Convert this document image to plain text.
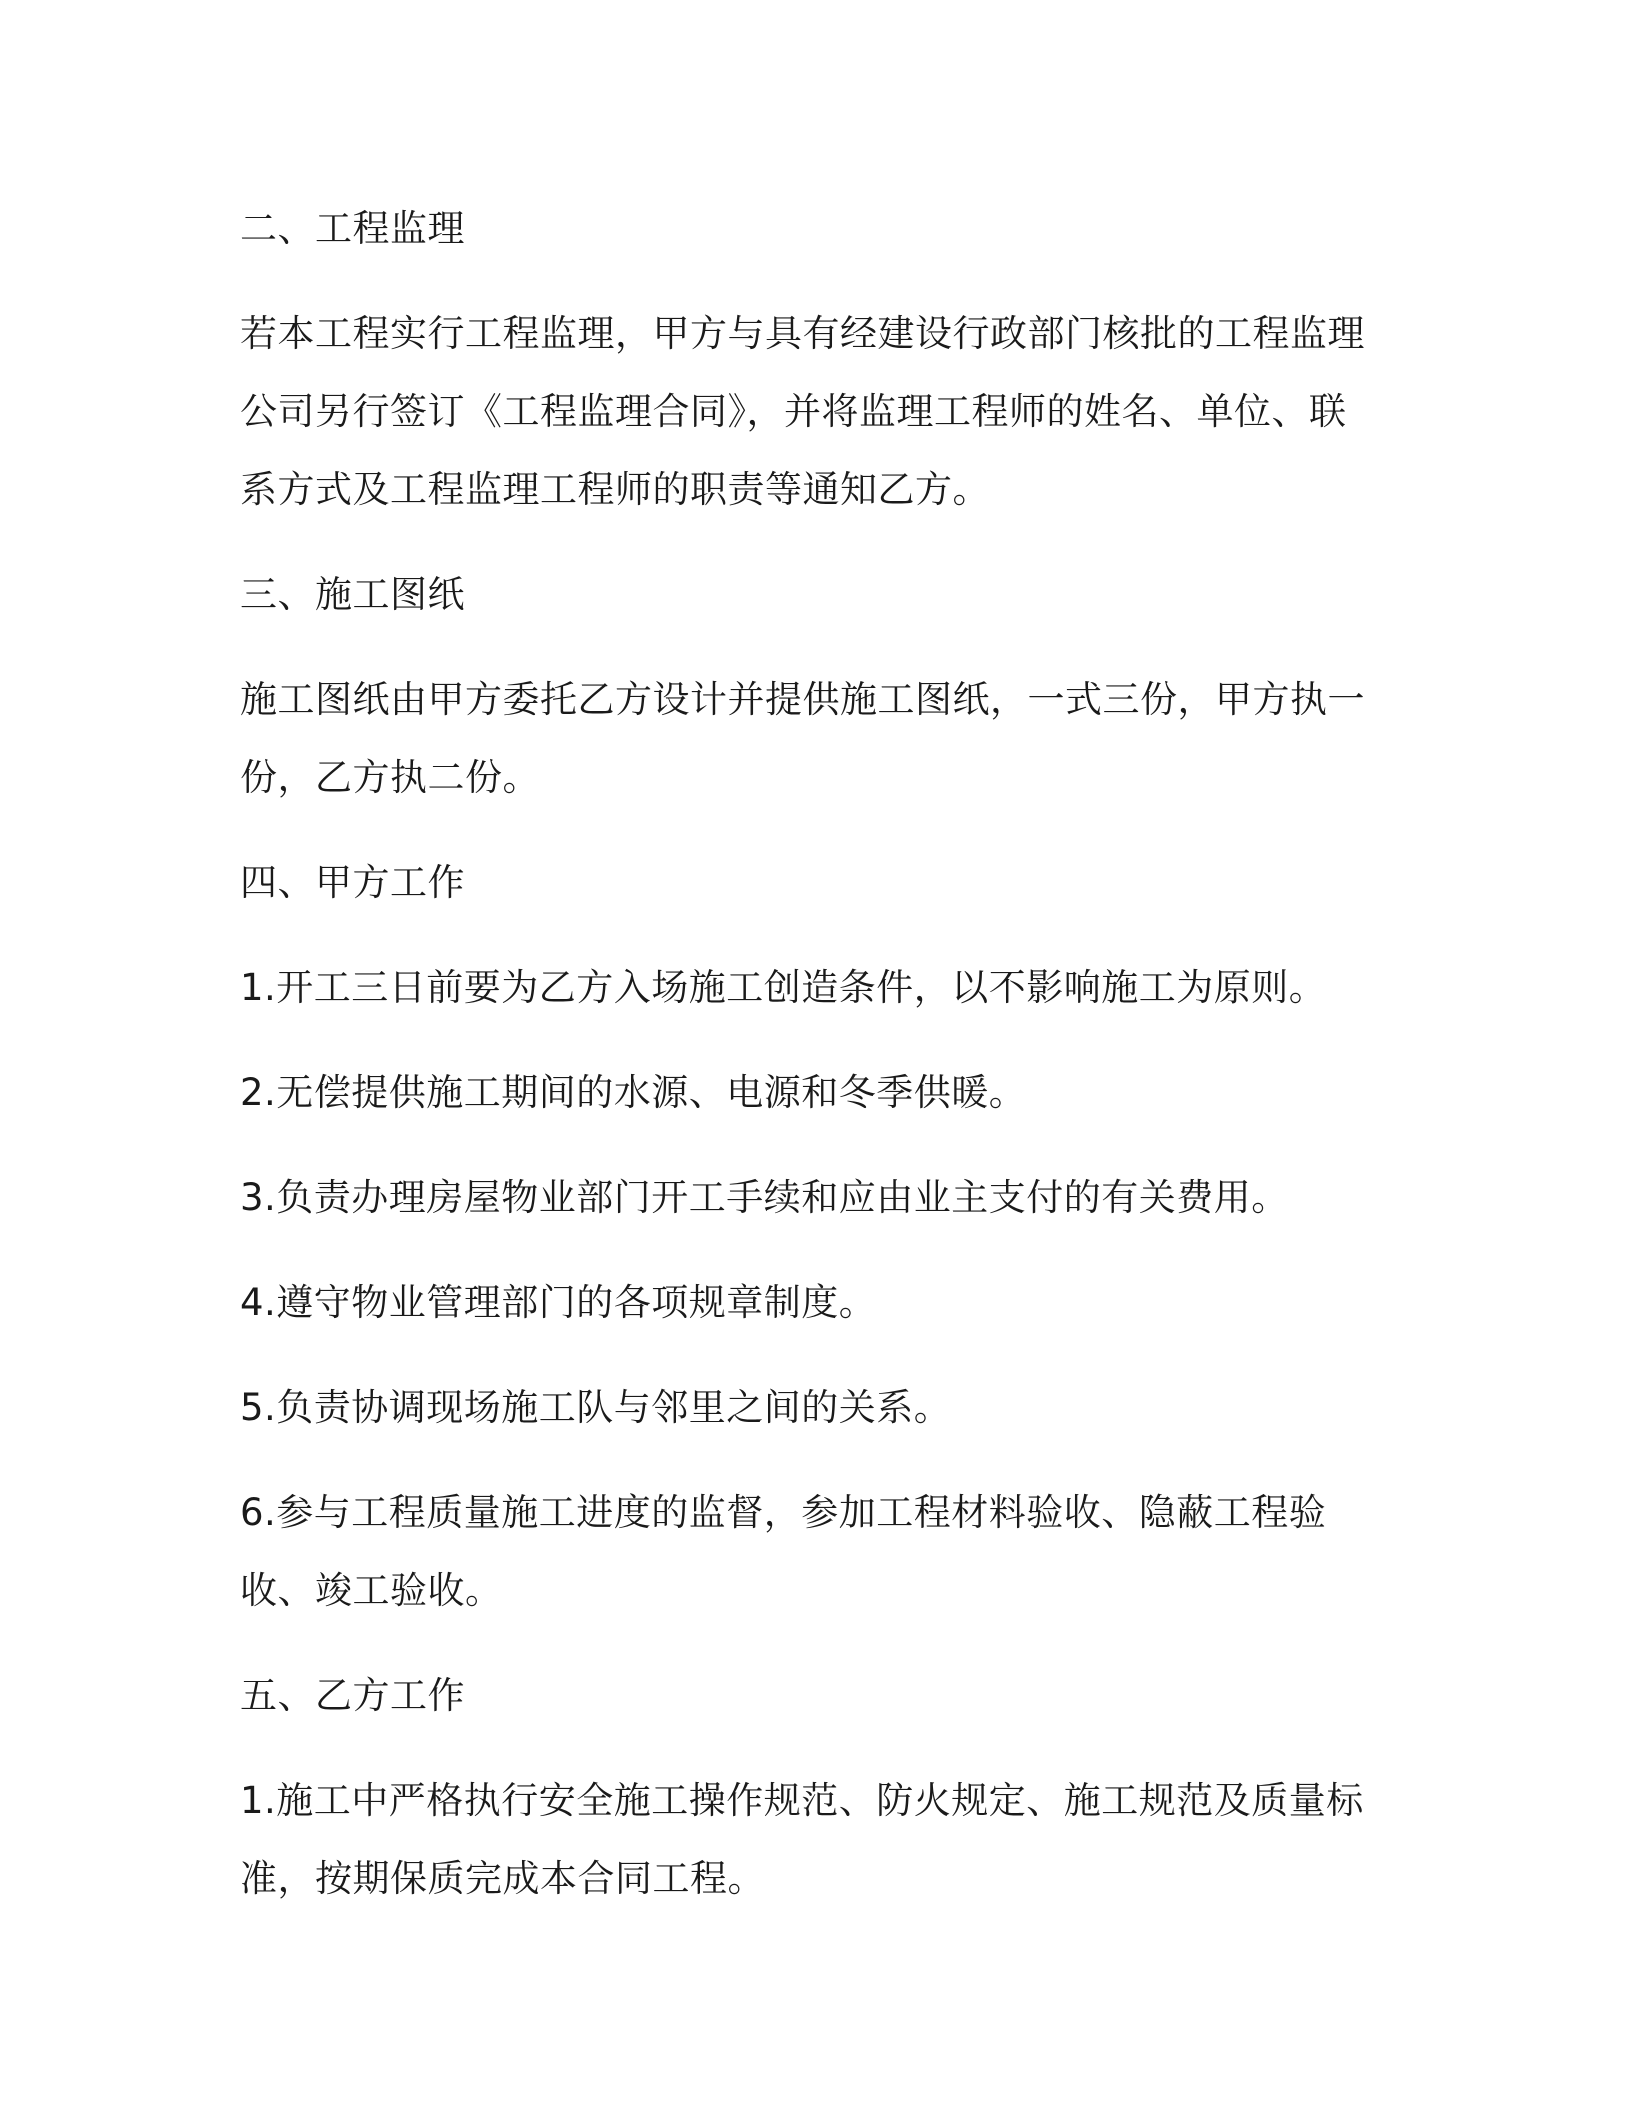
二、工程监理

若本工程实行工程监理，甲方与具有经建设行政部门核批的工程监理公司另行签订《工程监理合同》，并将监理工程师的姓名、单位、联系方式及工程监理工程师的职责等通知乙方。

三、施工图纸

施工图纸由甲方委托乙方设计并提供施工图纸，一式三份，甲方执一份，乙方执二份。

四、甲方工作

1.开工三日前要为乙方入场施工创造条件，以不影响施工为原则。

2.无偿提供施工期间的水源、电源和冬季供暖。

3.负责办理房屋物业部门开工手续和应由业主支付的有关费用。

4.遵守物业管理部门的各项规章制度。

5.负责协调现场施工队与邻里之间的关系。

6.参与工程质量施工进度的监督，参加工程材料验收、隐蔽工程验收、竣工验收。

五、乙方工作

1.施工中严格执行安全施工操作规范、防火规定、施工规范及质量标准，按期保质完成本合同工程。
